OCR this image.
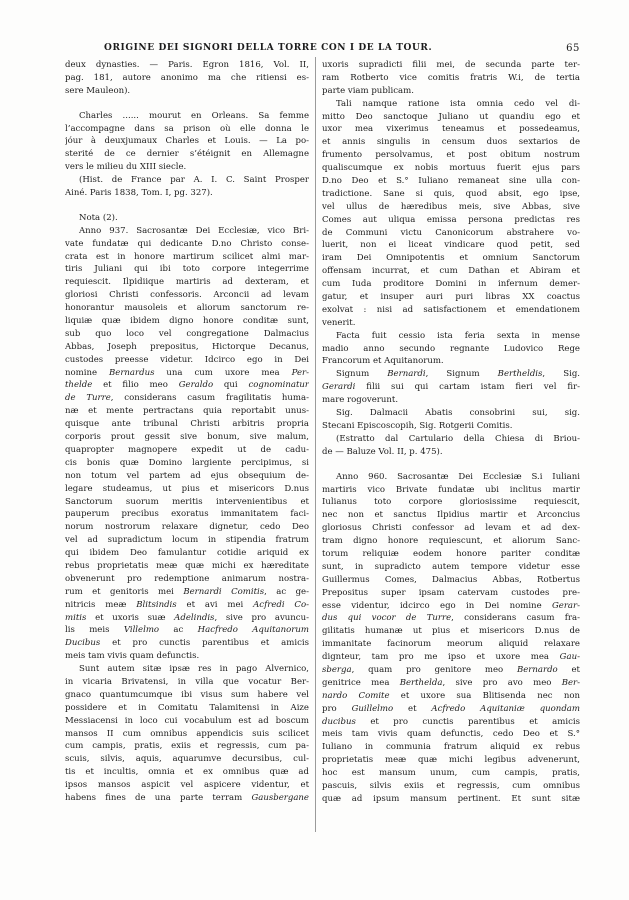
ORIGINE DEI SIGNORI DELLA TORRE CON I DE LA TOUR.	65
deux dynasties. — Paris. Egron 1816, Vol. II,
pag. 181, autore anonimo ma che ritiensi es-
sere Mauleon).
Charles ...... mourut en Orleans. Sa femme
l’accompagne dans sa prison où elle donna le
jóur à deuxjumaux Charles et Louis. — La po-
sterité de ce dernier s’étéignit en Allemagne
vers le milieu du XIII siecle.
(Hist. de France par A. I. C. Saint Prosper
Ainé. Paris 1838, Tom. I, pg. 327).
Nota (2).
Anno 937. Sacrosantæ Dei Ecclesiæ, vico Bri-
vate fundatæ qui dedicante D.no Christo conse-
crata est in honore martirum scilicet almi mar-
tiris Juliani qui ibi toto corpore integerrime
requiescit. Ilpidiique martiris ad dexteram, et
gloriosi Christi confessoris. Arconcii ad levam
honorantur mausoleis et aliorum sanctorum re-
liquiæ quæ ibidem digno honore conditæ sunt,
sub quo loco vel congregatione Dalmacius
Abbas, Joseph prepositus, Hictorque Decanus,
custodes preesse videtur. Idcirco ego in Dei
nomine Bernardus una cum uxore mea Per-
thelde et filio meo Geraldo qui cognominatur
de Turre, considerans casum fragilitatis huma-
næ et mente pertractans quia reportabit unus-
quisque ante tribunal Christi arbitris propria
corporis prout gessit sive bonum, sive malum,
quapropter magnopere expedit ut de cadu-
cis bonis quæ Domino largiente percipimus, si
non totum vel partem ad ejus obsequium de-
legare studeamus, ut pius et misericors D.nus
Sanctorum suorum meritis intervenientibus et
pauperum precibus exoratus immanitatem faci-
norum nostrorum relaxare dignetur, cedo Deo
vel ad supradictum locum in stipendia fratrum
qui ibidem Deo famulantur cotidie ariquid ex
rebus proprietatis meæ quæ michi ex hæreditate
obvenerunt pro redemptione animarum nostra-
rum et genitoris mei Bernardi Comitis, ac ge-
nitricis meæ Blitsindis et avi mei Acfredi Co-
mitis et uxoris suæ Adelindis, sive pro avuncu-
lis meis Villelmo ac Hacfredo Aquitanorum
Ducibus et pro cunctis parentibus et amicis
meis tam vivis quam defunctis.
Sunt autem sitæ ipsæ res in pago Alvernico,
in vicaria Brivatensi, in villa que vocatur Ber-
gnaco quantumcumque ibi visus sum habere vel
possidere et in Comitatu Talamitensi in Aize
Messiacensi in loco cui vocabulum est ad boscum
mansos II cum omnibus appendicis suis scilicet
cum campis, pratis, exiis et regressis, cum pa-
scuis, silvis, aquis, aquarumve decursibus, cul-
tis et incultis, omnia et ex omnibus quæ ad
ipsos mansos aspicit vel aspicere videntur, et
habens fines de una parte terram Gausbergane
uxoris supradicti filii mei, de secunda parte ter-
ram Rotberto vice comitis fratris W.i, de tertia
parte viam publicam.
Tali namque ratione ista omnia cedo vel di-
mitto Deo sanctoque Juliano ut quandiu ego et
uxor mea vixerimus teneamus et possedeamus,
et annis singulis in censum duos sextarios de
frumento persolvamus, et post obitum nostrum
qualiscumque ex nobis mortuus fuerit ejus pars
D.no Deo et S.° Iuliano remaneat sine ulla con-
tradictione. Sane si quis, quod absit, ego ipse,
vel ullus de hæredibus meis, sive Abbas, sive
Comes aut uliqua emissa persona predictas res
de Communi victu Canonicorum abstrahere vo-
luerit, non ei liceat vindicare quod petit, sed
iram Dei Omnipotentis et omnium Sanctorum
offensam incurrat, et cum Dathan et Abiram et
cum Iuda proditore Domini in infernum demer-
gatur, et insuper auri puri libras XX coactus
exolvat : nisi ad satisfactionem et emendationem
venerit.
Facta fuit cessio ista feria sexta in mense
madio anno secundo regnante Ludovico Rege
Francorum et Aquitanorum.
Signum Bernardi, Signum Bertheldis, Sig.
Gerardi filii sui qui cartam istam fieri vel fir-
mare rogoverunt.
Sig. Dalmacii Abatis consobrini sui, sig.
Stecani Episcoscopih, Sig. Rotgerii Comitis.
(Estratto dal Cartulario della Chiesa di Briou-
de — Baluze Vol. II, p. 475).
Anno 960. Sacrosantæ Dei Ecclesiæ S.i Iuliani
martiris vico Brivate fundatæ ubi inclitus martir
Iulianus toto corpore gloriosissime requiescit,
nec non et sanctus Ilpidius martir et Arconcius
gloriosus Christi confessor ad levam et ad dex-
tram digno honore requiescunt, et aliorum Sanc-
torum reliquiæ eodem honore pariter conditæ
sunt, in supradicto autem tempore videtur esse
Guillermus Comes, Dalmacius Abbas, Rotbertus
Prepositus super ipsam catervam custodes pre-
esse videntur, idcirco ego in Dei nomine Gerar-
dus qui vocor de Turre, considerans casum fra-
gilitatis humanæ ut pius et misericors D.nus de
immanitate facinorum meorum aliquid relaxare
dignteur, tam pro me ipso et uxore mea Gau-
sberga, quam pro genitore meo Bernardo et
genitrice mea Berthelda, sive pro avo meo Ber-
nardo Comite et uxore sua Blitisenda nec non
pro Guillelmo et Acfredo Aquitaniæ quondam
ducibus et pro cunctis parentibus et amicis
meis tam vivis quam defunctis, cedo Deo et S.°
Iuliano in communia fratrum aliquid ex rebus
proprietatis meæ quæ michi legibus advenerunt,
hoc est mansum unum, cum campis, pratis,
pascuis, silvis exiis et regressis, cum omnibus
quæ ad ipsum mansum pertinent. Et sunt sitæ
